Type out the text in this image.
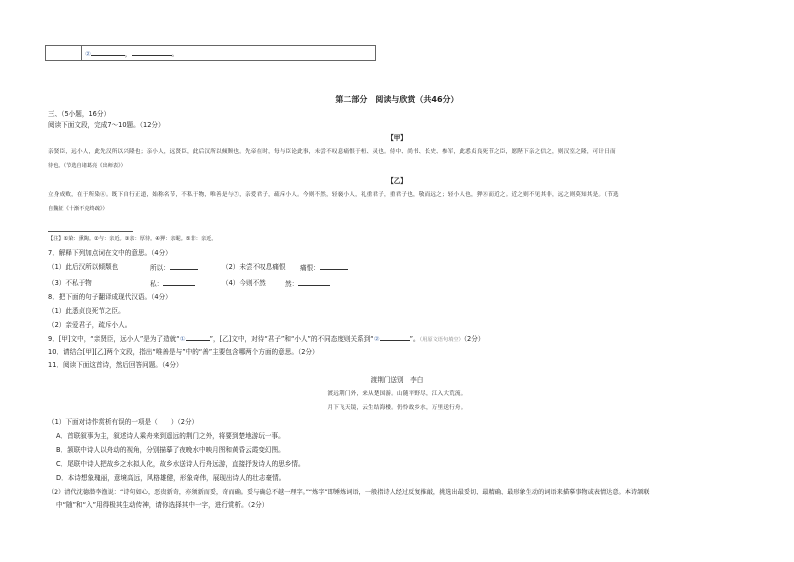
②	，	。
第二部分　阅读与欣赏（共46分）
三、（5小题，16分）
阅读下面文段，完成7～10题。（12分）
【甲】
亲贤臣，远小人，此先汉所以兴隆也；亲小人，远贤臣，此后汉所以倾颓也。先帝在时，每与臣论此事，未尝不叹息痛恨于桓、灵也。侍中、尚书、长史、参军，此悉贞良死节之臣，愿陛下亲之信之，则汉室之隆，可计日而
待也。（节选自诸葛亮《出师表》）
【乙】
立身成败，在于所染⑥。既下自行正道，始称名节，不私于物，唯善是与⑦，亲爱君子，疏斥小人。今则不然，轻亵小人，礼重君子，重君子也，敬而远之；轻小人也，狎⑧而近之。近之则不见其非，远之则莫知其是。（节选
自魏征《十渐不克终疏》）
【注】①染：熏陶。②与：亲近。③亲：厚待。④狎：亲昵。⑤非：亲近。
7．解释下列加点词在文中的意思。（4分）
（1）此后汉所以倾颓也	所以：	（2）未尝不叹息痛恨 痛恨：
（3）不私于物	私：	（4）今则不然	然：
8．把下面的句子翻译成现代汉语。（4分）
（1）此悉贞良死节之臣。
（2）亲爱君子，疏斥小人。
9．[甲]文中，“亲贤臣，远小人”是为了造就“①	”，[乙]文中，对待“君子”和“小人”的不同态度则关系到“②	”。（用原文语句填空）（2分）
10．请结合[甲][乙]两个文段，指出“唯善是与”中的“善”主要包含哪两个方面的意思。（2分）
11．阅读下面这首诗，然后回答问题。（4分）
渡荆门送别　李白
渡远荆门外，来从楚国游。山随平野尽，江入大荒流。
月下飞天镜，云生结海楼。仍怜故乡水，万里送行舟。
（1）下面对诗作赏析有误的一项是（　　）（2分）
A．首联叙事为主，叙述诗人乘舟来到遥远的荆门之外，将要到楚地游玩一事。
B．颔联中诗人以舟动的视角，分别描摹了夜晚水中映月图和黄昏云霞变幻图。
C．尾联中诗人把故乡之水拟人化，故乡水送诗人行舟远游，直接抒发诗人的思乡情。
D．本诗想象瑰丽，意境高远，风格雄健，形象奇伟，展现出诗人的壮志豪情。
（2）清代沈德潜李渔说：“诗句如心，恶贵新奇，亦须新而妥，奇而确。妥与确总不越一理字。”“炼字”即锤炼词语，一般指诗人经过反复推敲，挑选出最妥切、最精确、最形象生动的词语来描摹事物或表情达意。本诗颔联
中“随”和“入”用得极其生动传神，请你选择其中一字，进行赏析。（2分）
